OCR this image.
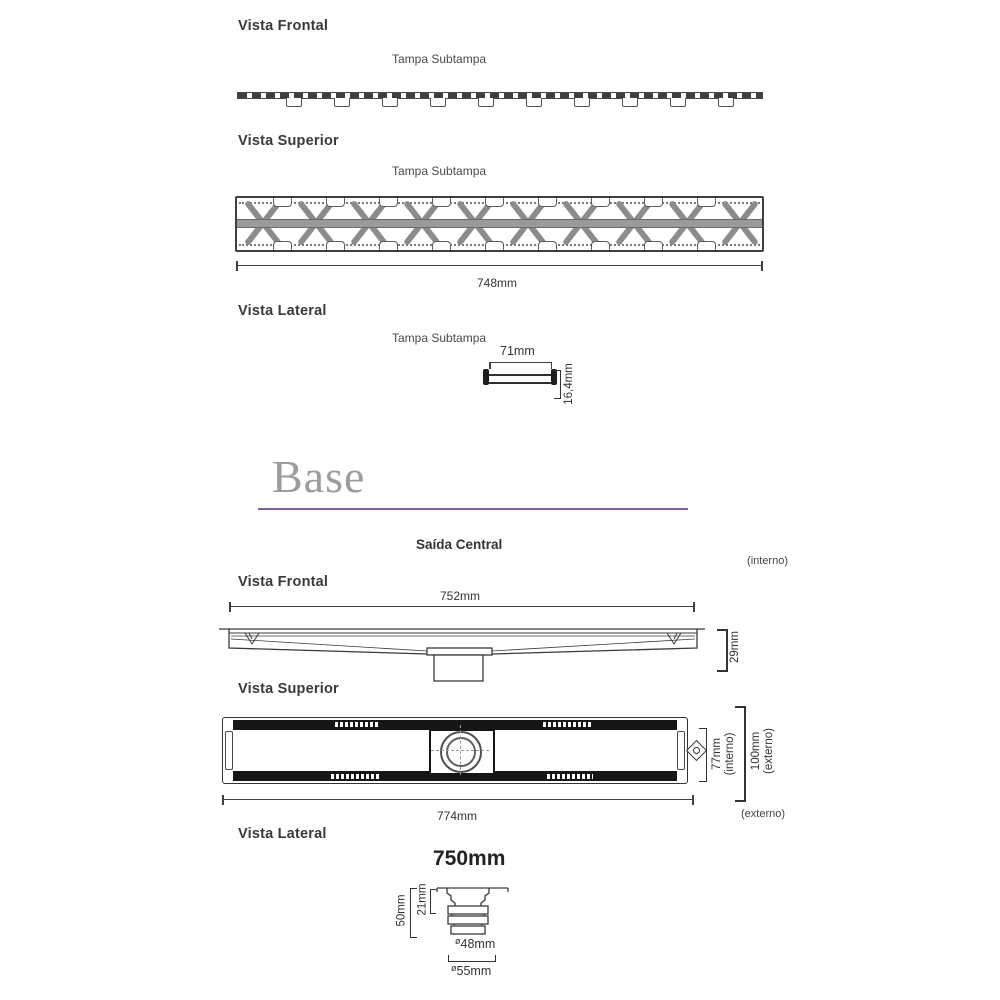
Vista Frontal
Tampa Subtampa
Vista Superior
Tampa Subtampa
748mm
Vista Lateral
Tampa Subtampa
71mm
16,4mm
Base
Saída Central
(interno)
Vista Frontal
752mm
29mm
Vista Superior
77mm (interno) 100mm (externo)
774mm	(externo)
Vista Lateral
750mm
50mm 21mm
$^ø$48mm
$^ø$55mm
